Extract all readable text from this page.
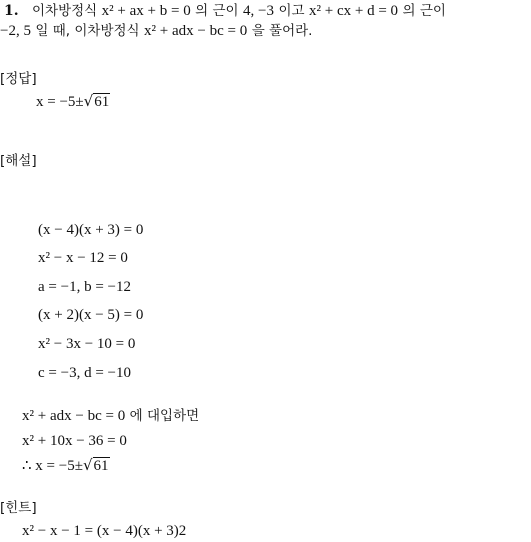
1. 이차방정식 x² + ax + b = 0 의 근이 4, −3 이고 x² + cx + d = 0 의 근이
−2, 5 일 때, 이차방정식 x² + adx − bc = 0 을 풀어라.
[정답]
x = −5±√61
[해설]
(x − 4)(x + 3) = 0
x² − x − 12 = 0
a = −1, b = −12
(x + 2)(x − 5) = 0
x² − 3x − 10 = 0
c = −3, d = −10
x² + adx − bc = 0 에 대입하면
x² + 10x − 36 = 0
∴ x = −5±√61
[힌트]
x² − x − 1 = (x − 4)(x + 3)2
